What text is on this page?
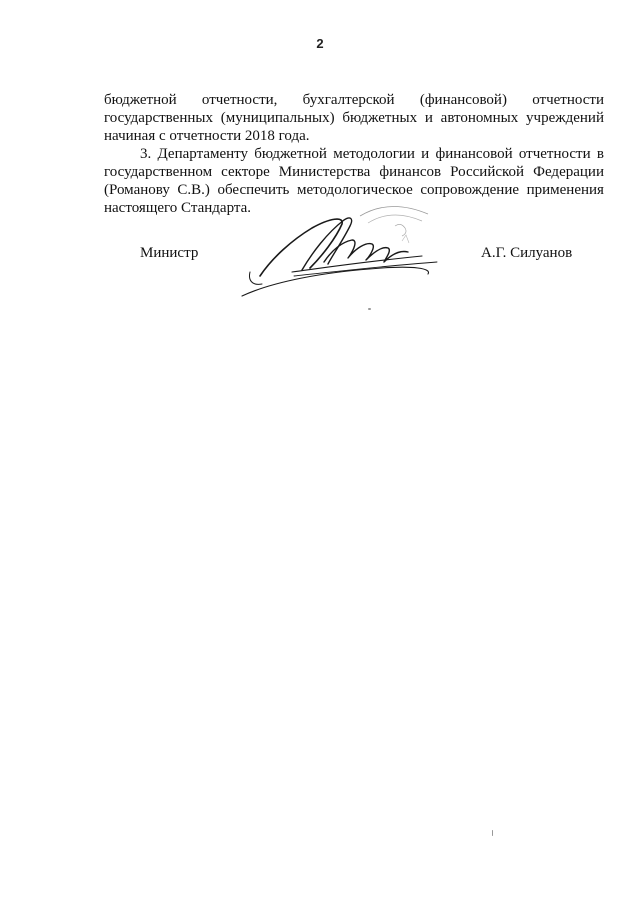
2
бюджетной отчетности, бухгалтерской (финансовой) отчетности
государственных (муниципальных) бюджетных и автономных учреждений
начиная с отчетности 2018 года.
3. Департаменту бюджетной методологии и финансовой отчетности в
государственном секторе Министерства финансов Российской Федерации
(Романову С.В.) обеспечить методологическое сопровождение применения
настоящего Стандарта.
Министр	А.Г. Силуанов
